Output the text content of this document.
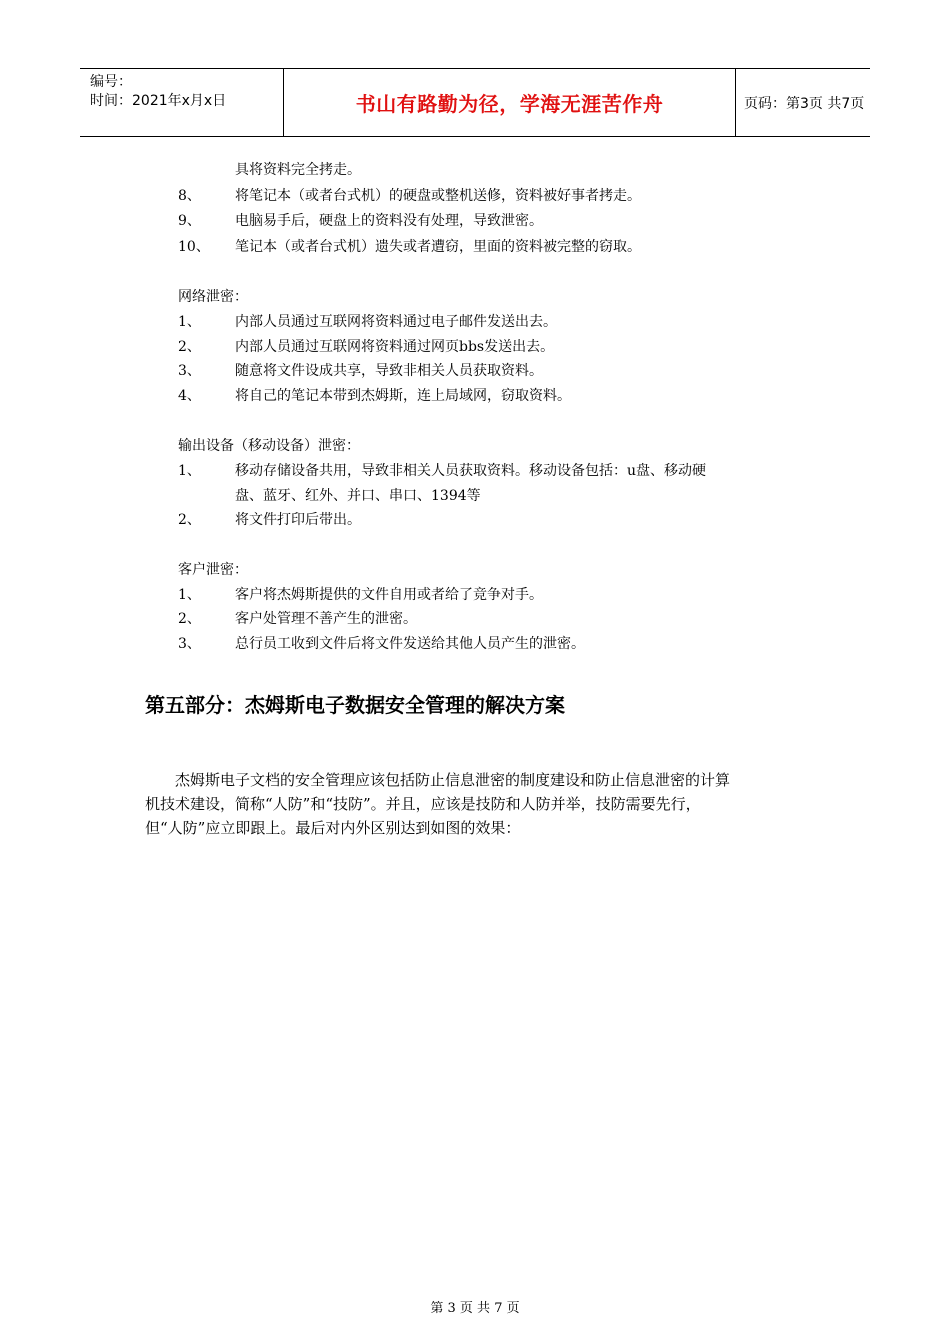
编号：
时间：2021年x月x日	书山有路勤为径，学海无涯苦作舟	页码：第3页 共7页
具将资料完全拷走。
8、 将笔记本（或者台式机）的硬盘或整机送修，资料被好事者拷走。
9、 电脑易手后，硬盘上的资料没有处理，导致泄密。
10、 笔记本（或者台式机）遗失或者遭窃，里面的资料被完整的窃取。
网络泄密：
1、 内部人员通过互联网将资料通过电子邮件发送出去。
2、 内部人员通过互联网将资料通过网页bbs发送出去。
3、 随意将文件设成共享，导致非相关人员获取资料。
4、 将自己的笔记本带到杰姆斯，连上局域网，窃取资料。
输出设备（移动设备）泄密：
1、 移动存储设备共用，导致非相关人员获取资料。移动设备包括：u盘、移动硬
盘、蓝牙、红外、并口、串口、1394等
2、 将文件打印后带出。
客户泄密：
1、 客户将杰姆斯提供的文件自用或者给了竞争对手。
2、 客户处管理不善产生的泄密。
3、 总行员工收到文件后将文件发送给其他人员产生的泄密。
第五部分：杰姆斯电子数据安全管理的解决方案
杰姆斯电子文档的安全管理应该包括防止信息泄密的制度建设和防止信息泄密的计算
机技术建设，简称“人防”和“技防”。并且，应该是技防和人防并举，技防需要先行，
但“人防”应立即跟上。最后对内外区别达到如图的效果：
第 3 页 共 7 页
